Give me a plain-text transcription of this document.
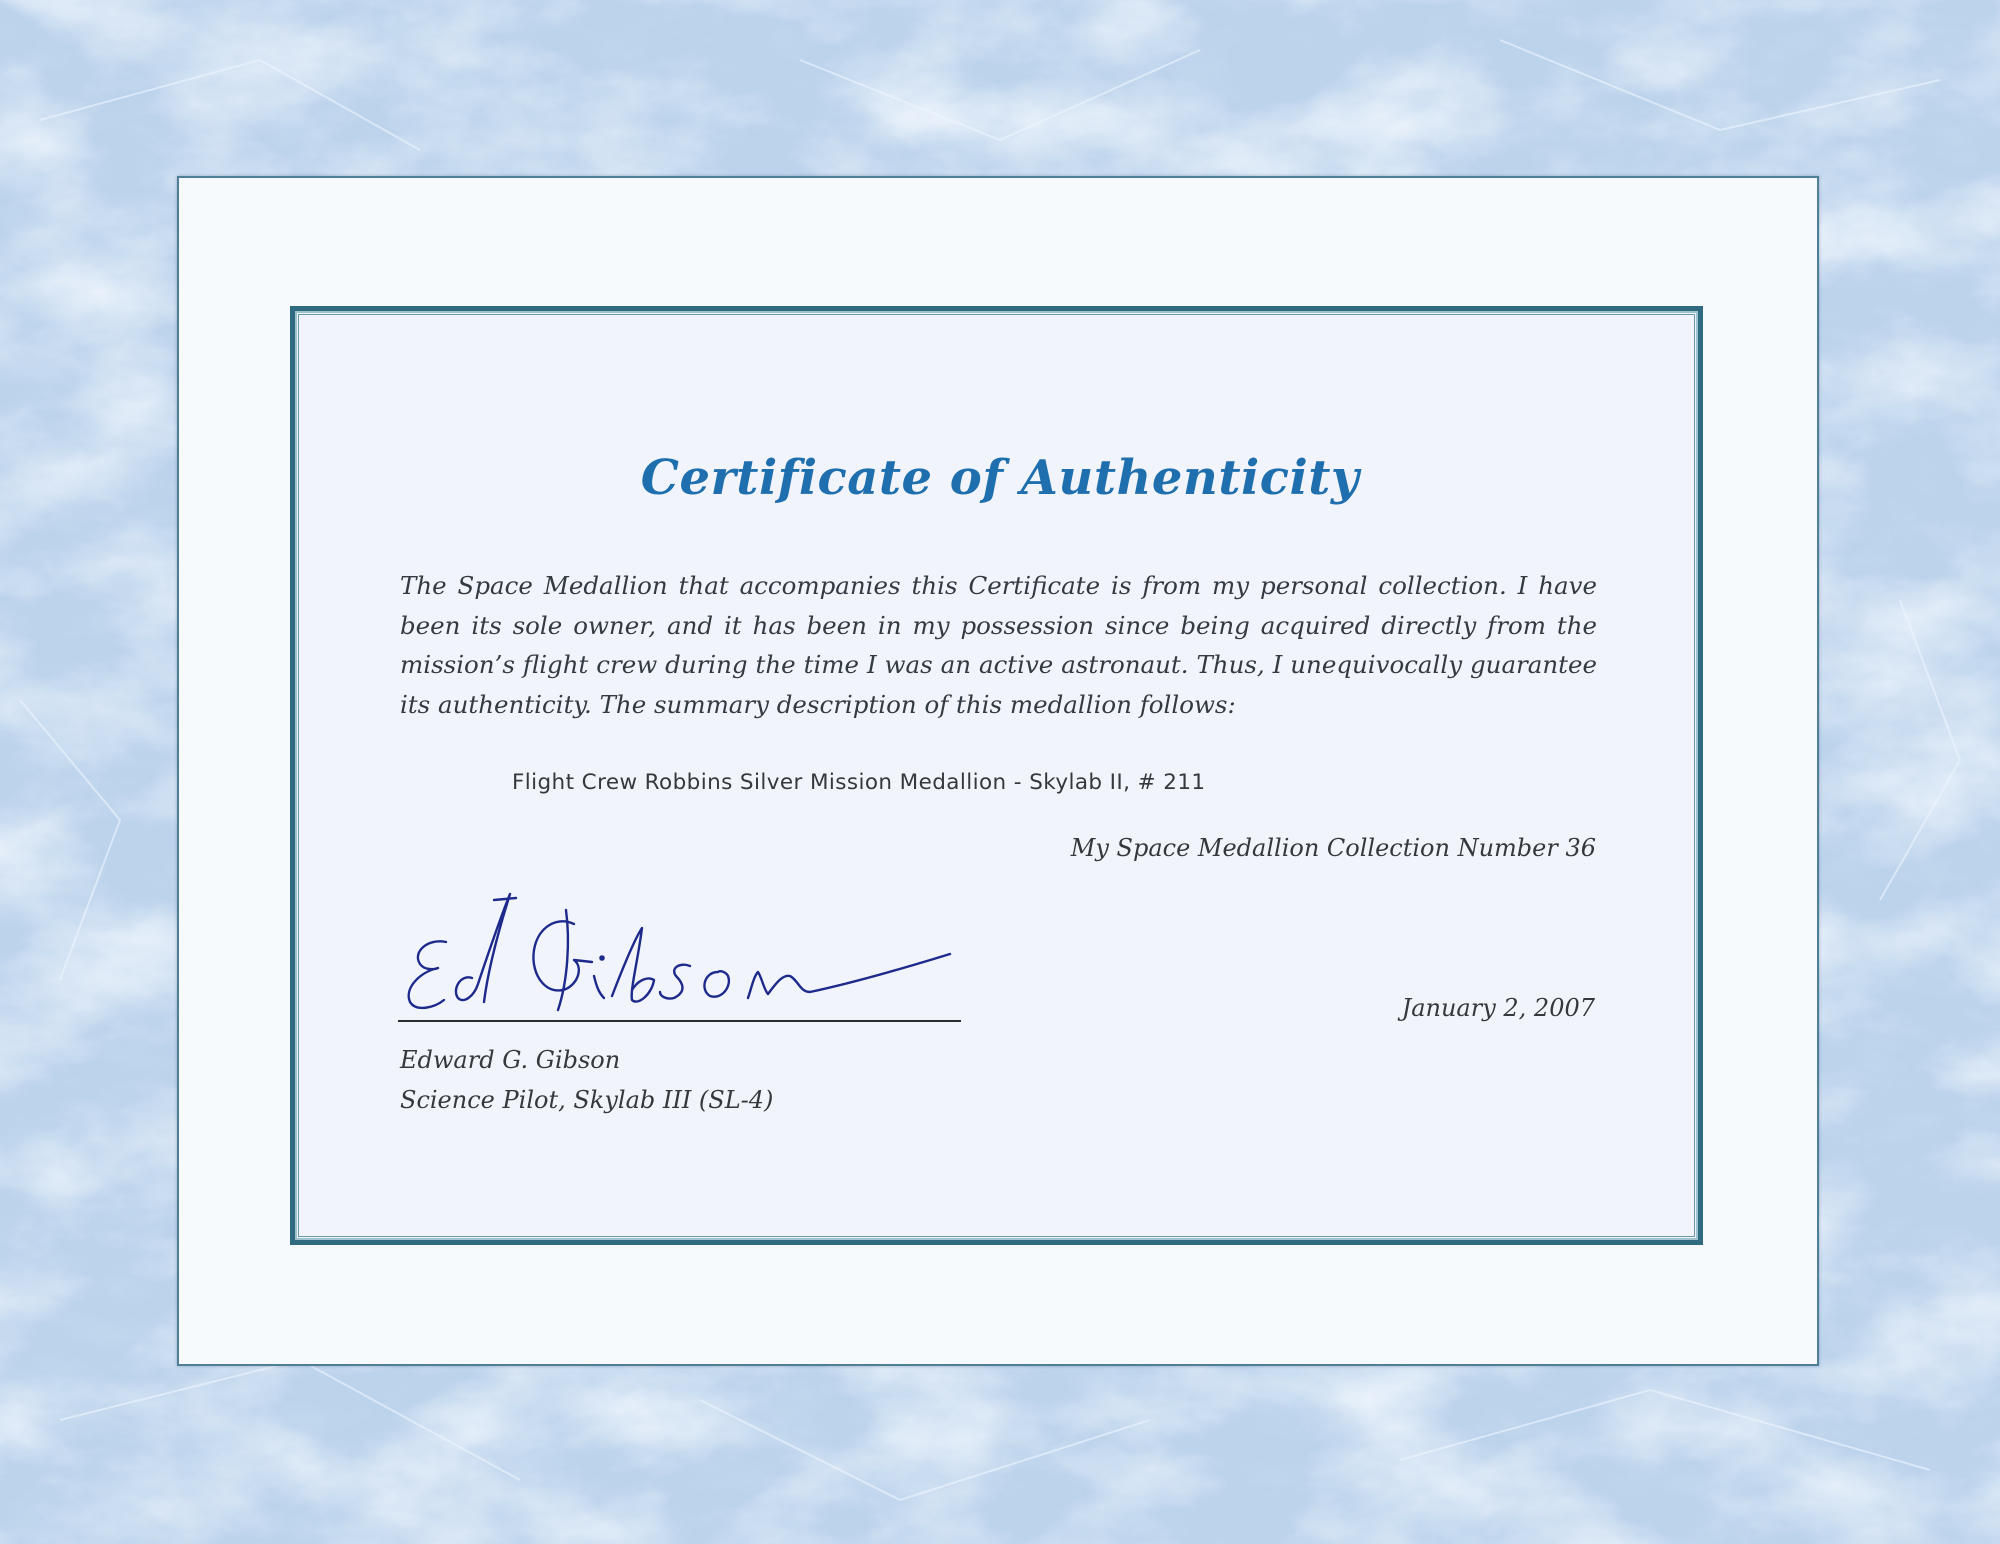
Certificate of Authenticity

The Space Medallion that accompanies this Certificate is from my personal collection. I have been its sole owner, and it has been in my possession since being acquired directly from the mission’s flight crew during the time I was an active astronaut. Thus, I unequivocally guarantee its authenticity. The summary description of this medallion follows:

Flight Crew Robbins Silver Mission Medallion - Skylab II, # 211
My Space Medallion Collection Number 36
January 2, 2007
Edward G. Gibson
Science Pilot, Skylab III (SL-4)
